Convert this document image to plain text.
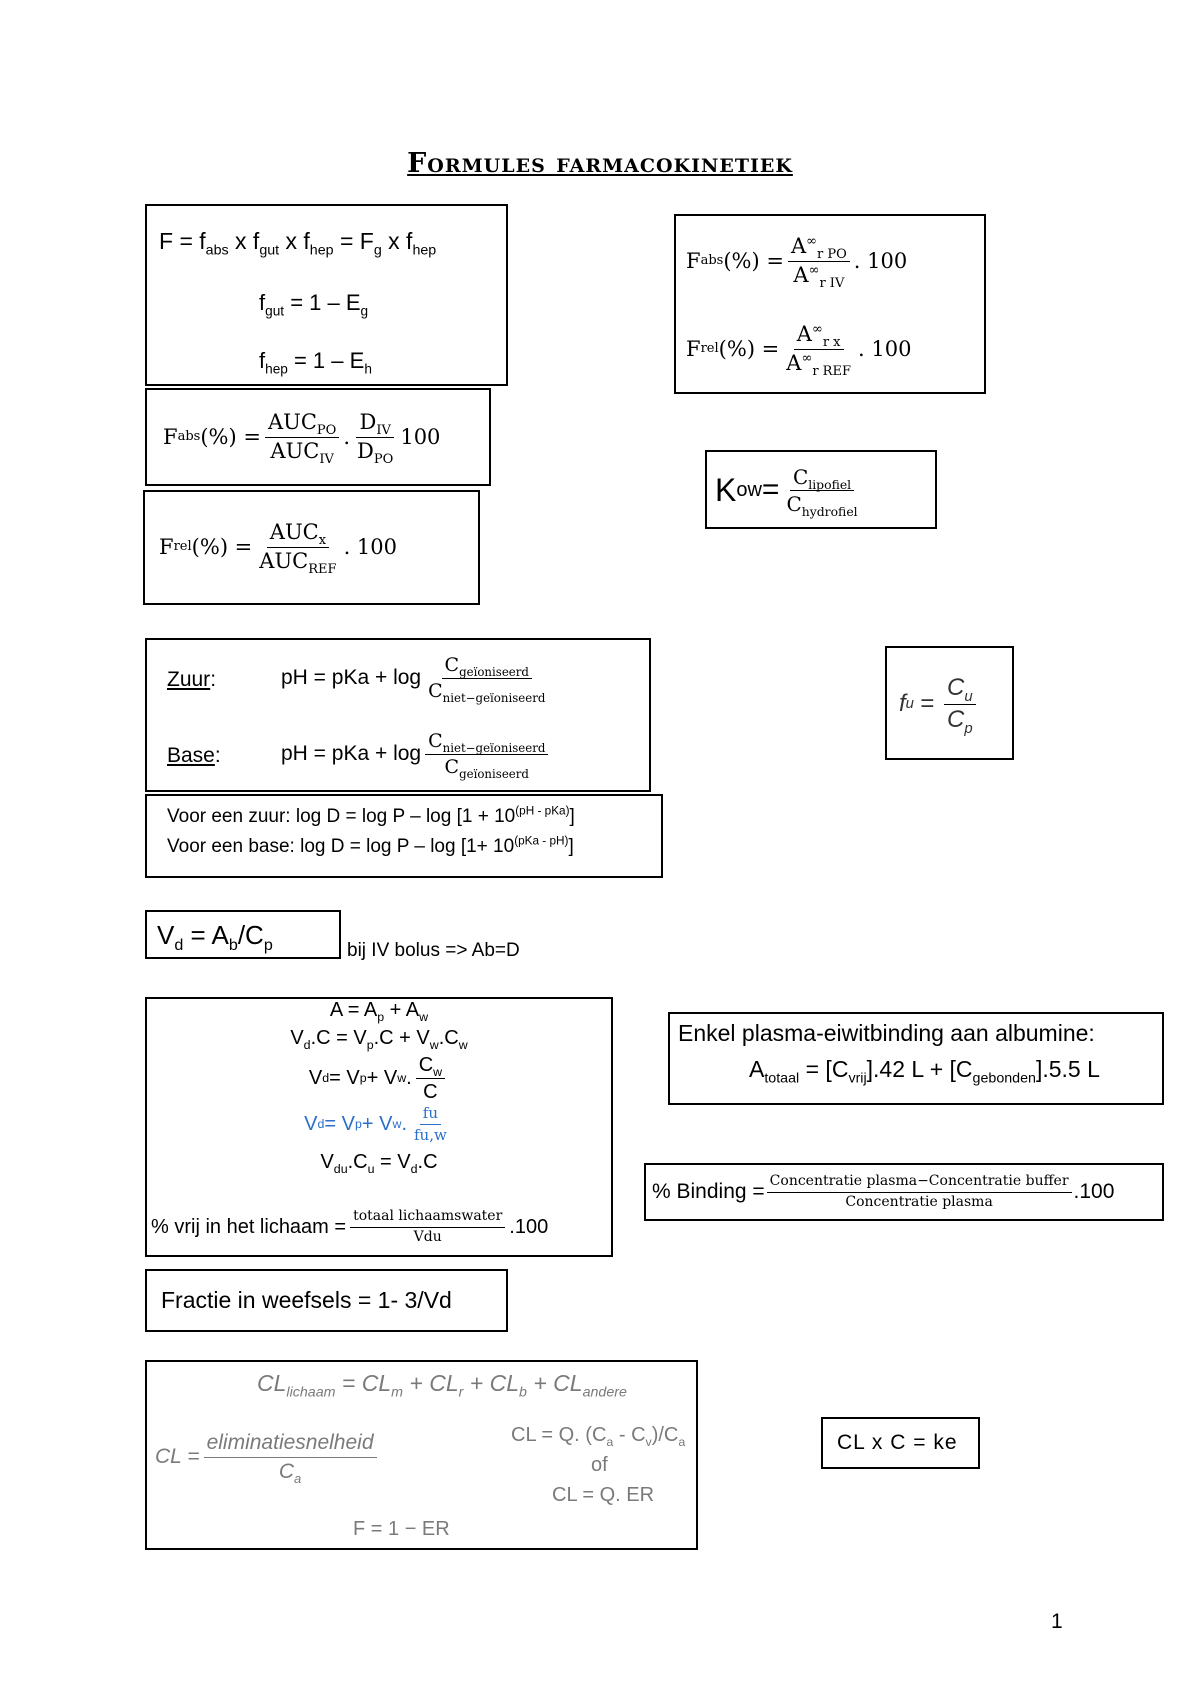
Formules farmacokinetiek
$F = f_{abs}$ x $f_{gut}$ x $f_{hep} = F_g$ x $f_{hep}$
$f_{gut} = 1 - E_g$
$f_{hep} = 1 - E_h$
F abs (%) = $\frac{AUC_{PO}}{AUC_{IV}}$ . $\frac{D_{IV}}{D_{PO}} 100$
F rel (%) = $\frac{AUC_x}{AUC_{REF}}$ . 100
F abs (%) = $\frac{A^\infty_{r PO}}{A^\infty_{r IV}}$ . 100
F rel (%) = $\frac{A^\infty_{r x}}{A^\infty_{r REF}}$ . 100
K ow = $\frac{C_{lipofiel}}{C_{hydrofiel}}$
Zuur:	pH = pKa + $\log \frac{C_{geïoniseerd}}{C_{niet-geïoniseerd}}$
Base:	pH = pKa + $\log \frac{C_{niet-geïoniseerd}}{C_{geïoniseerd}}$
f $u = \frac{C_u}{C_p}$
Voor een zuur: $\log D = \log P - \log [1 + 10^{(pH - pKa)}]$
Voor een base: $\log D = \log P - \log [1+ 10^{(pKa - pH)}]$
$V_d = A_b/C_p$	bij IV bolus => Ab=D
$A = A_p + A_w$
$V_d.C = V_p.C + V_w.C_w$
V d = V p + V w . $\frac{C_w}{C}$
V d = V p + V w . $\frac{fu}{fu,w}$
$V_{du}.C_u = V_d.C$
% vrij in het lichaam = $\frac{\text{totaal lichaamswater}}{\text{Vdu}} .100$
Enkel plasma-eiwitbinding aan albumine:
$A_{totaal} = [C_{vrij}].42$ $L + [C_{gebonden}].5.5$ L
% Binding = $\frac{\text{Concentratie plasma−Concentratie buffer}}{\text{Concentratie plasma}} .100$
Fractie in weefsels = 1- 3/Vd
$CL_{lichaam} = CL_m + CL_r + CL_b + CL_{andere}$
CL = $\frac{\text{eliminatiesnelheid}}{C_a}$	CL = Q. $(C_a - C_v)/C_a$
of
CL = Q. ER
F = 1 − ER
CL x C = ke
1
